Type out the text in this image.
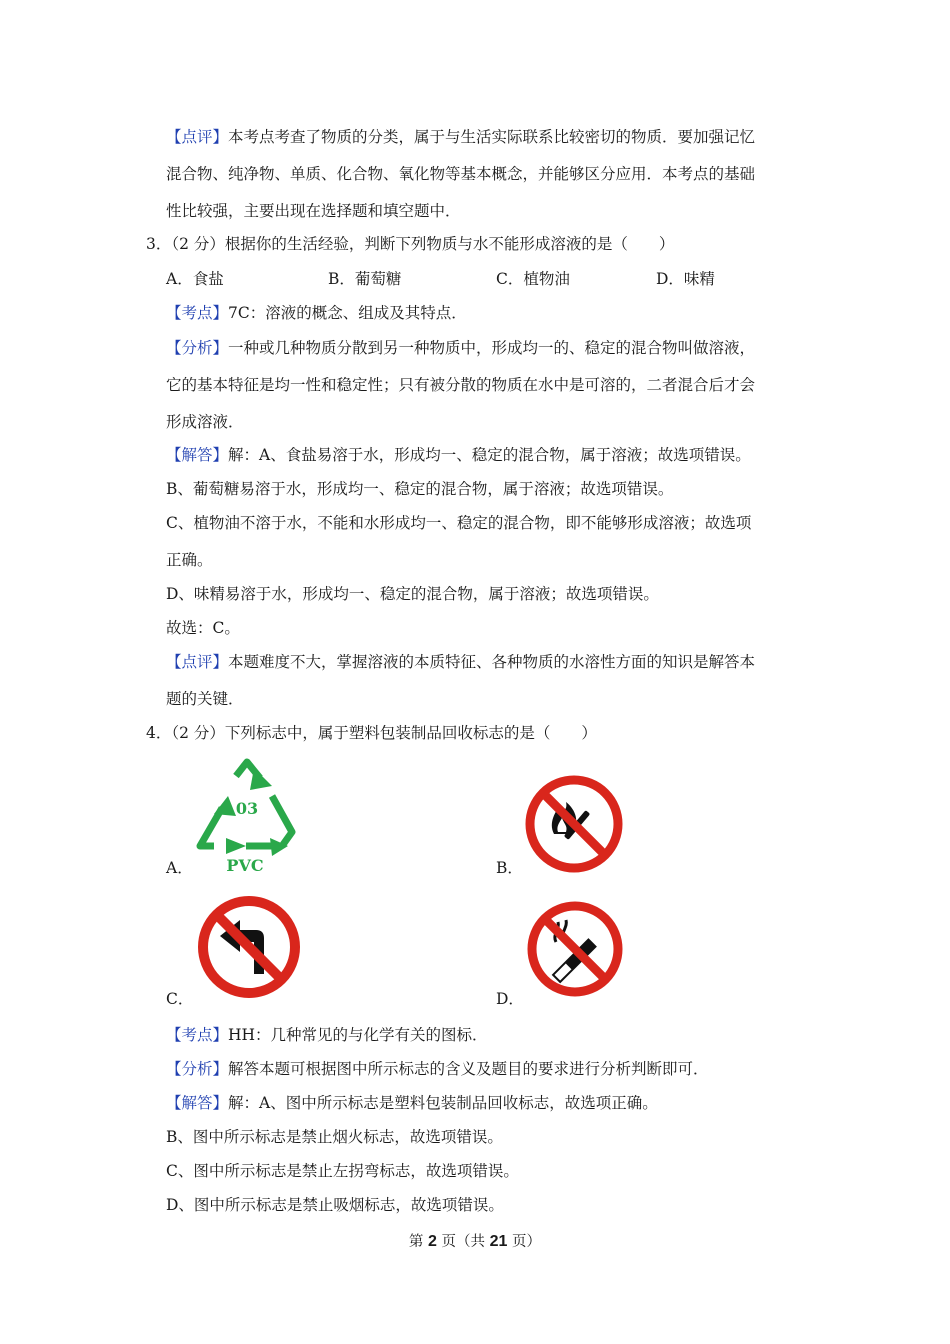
【点评】本考点考查了物质的分类，属于与生活实际联系比较密切的物质．要加强记忆
混合物、纯净物、单质、化合物、氧化物等基本概念，并能够区分应用．本考点的基础
性比较强，主要出现在选择题和填空题中．
3．（2 分）根据你的生活经验，判断下列物质与水不能形成溶液的是（　　）
A．食盐	B．葡萄糖	C．植物油	D．味精
【考点】7C：溶液的概念、组成及其特点．
【分析】一种或几种物质分散到另一种物质中，形成均一的、稳定的混合物叫做溶液，
它的基本特征是均一性和稳定性；只有被分散的物质在水中是可溶的，二者混合后才会
形成溶液．
【解答】解：A、食盐易溶于水，形成均一、稳定的混合物，属于溶液；故选项错误。
B、葡萄糖易溶于水，形成均一、稳定的混合物，属于溶液；故选项错误。
C、植物油不溶于水，不能和水形成均一、稳定的混合物，即不能够形成溶液；故选项
正确。
D、味精易溶于水，形成均一、稳定的混合物，属于溶液；故选项错误。
故选：C。
【点评】本题难度不大，掌握溶液的本质特征、各种物质的水溶性方面的知识是解答本
题的关键．
4．（2 分）下列标志中，属于塑料包装制品回收标志的是（　　）
03
PVC
A．	B．
C．	D．
【考点】HH：几种常见的与化学有关的图标．
【分析】解答本题可根据图中所示标志的含义及题目的要求进行分析判断即可．
【解答】解：A、图中所示标志是塑料包装制品回收标志，故选项正确。
B、图中所示标志是禁止烟火标志，故选项错误。
C、图中所示标志是禁止左拐弯标志，故选项错误。
D、图中所示标志是禁止吸烟标志，故选项错误。
第 2 页（共 21 页）
